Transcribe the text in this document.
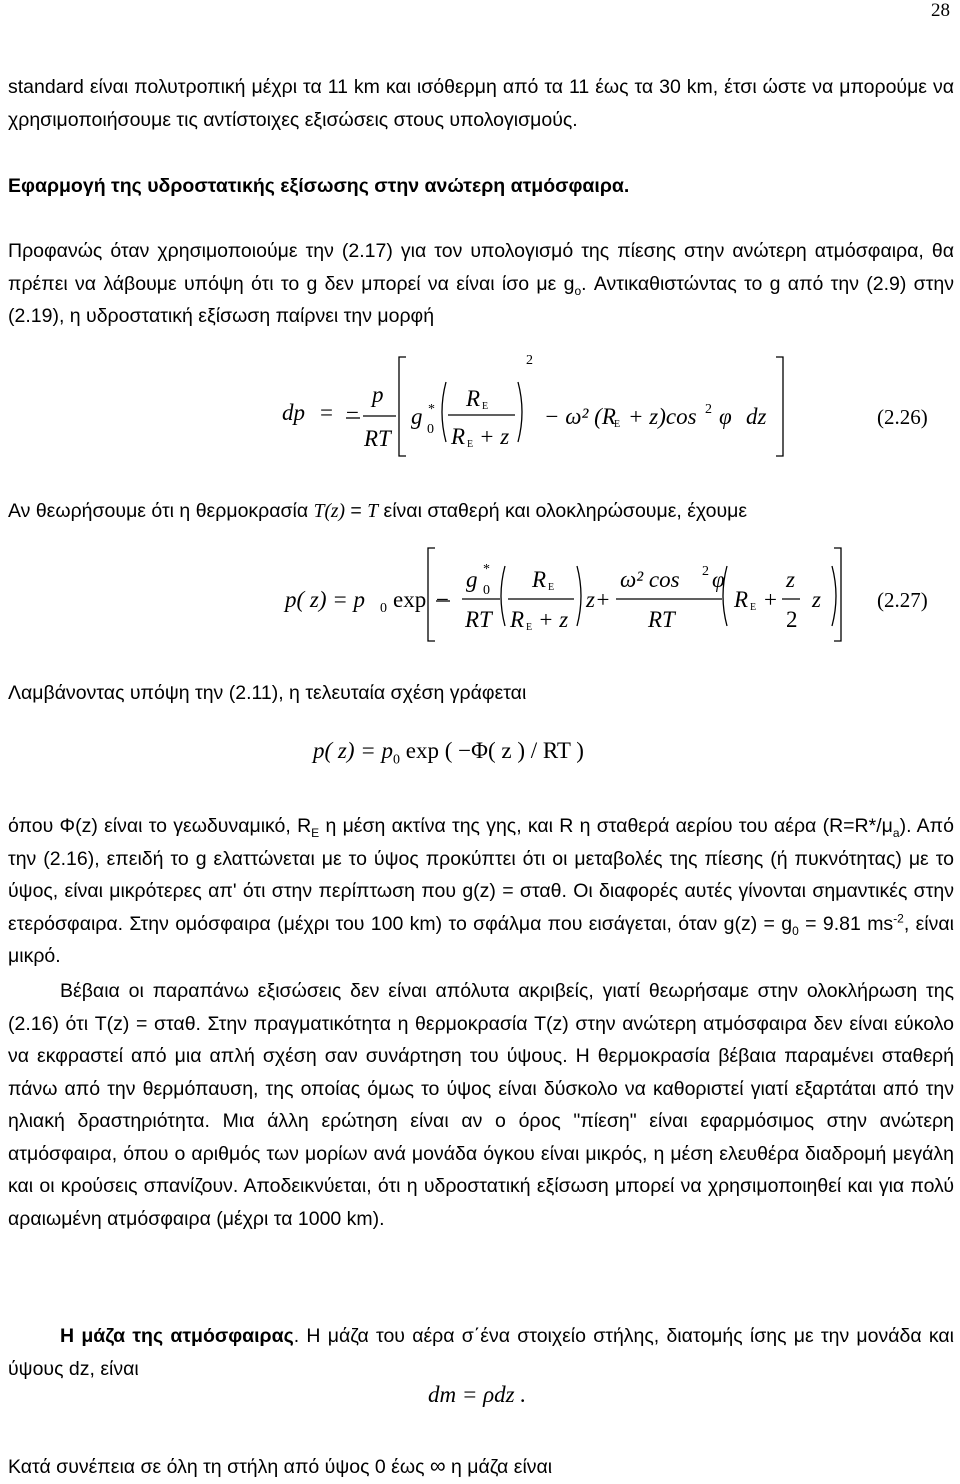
28

standard είναι πολυτροπική μέχρι τα 11 km και ισόθερμη από τα 11 έως τα 30 km, έτσι ώστε να μπορούμε να χρησιμοποιήσουμε τις αντίστοιχες εξισώσεις στους υπολογισμούς.

Εφαρμογή της υδροστατικής εξίσωσης στην ανώτερη ατμόσφαιρα.

Προφανώς όταν χρησιμοποιούμε την (2.17) για τον υπολογισμό της πίεσης στην ανώτερη ατμόσφαιρα, θα πρέπει να λάβουμε υπόψη ότι το g δεν μπορεί να είναι ίσο με $g_o$. Αντικαθιστώντας το g από την (2.9) στην (2.19), η υδροστατική εξίσωση παίρνει την μορφή

dp = −
p
RT
g
0
* R E
R E + z
2
− ω² (R
E + z)cos 2 φ dz	(2.26)

Αν θεωρήσουμε ότι η θερμοκρασία T(z) = T είναι σταθερή και ολοκληρώσουμε, έχουμε

p( z) = p 0 exp −
g 0
*
RT
R E
R E + z
z+
ω² cos 2 φ
RT
R E +
z
2
z	(2.27)

Λαμβάνοντας υπόψη την (2.11), η τελευταία σχέση γράφεται

p( $z) = p_0$ exp ( −Φ( z ) / RT )

όπου Φ(z) είναι το γεωδυναμικό, $R_E$ η μέση ακτίνα της γης, και R η σταθερά αερίου του αέρα $(R=R*/\mu_a)$. Από την (2.16), επειδή το g ελαττώνεται με το ύψος προκύπτει ότι οι μεταβολές της πίεσης (ή πυκνότητας) με το ύψος, είναι μικρότερες απ' ότι στην περίπτωση που g(z) = σταθ. Οι διαφορές αυτές γίνονται σημαντικές στην ετερόσφαιρα. Στην ομόσφαιρα (μέχρι του 100 km) το σφάλμα που εισάγεται, όταν $g(z) = g_0 = 9.81$ $ms^{-2}$, είναι μικρό.

Βέβαια οι παραπάνω εξισώσεις δεν είναι απόλυτα ακριβείς, γιατί θεωρήσαμε στην ολοκλήρωση της (2.16) ότι T(z) = σταθ. Στην πραγματικότητα η θερμοκρασία T(z) στην ανώτερη ατμόσφαιρα δεν είναι εύκολο να εκφραστεί από μια απλή σχέση σαν συνάρτηση του ύψους. Η θερμοκρασία βέβαια παραμένει σταθερή πάνω από την θερμόπαυση, της οποίας όμως το ύψος είναι δύσκολο να καθοριστεί γιατί εξαρτάται από την ηλιακή δραστηριότητα. Μια άλλη ερώτηση είναι αν ο όρος "πίεση" είναι εφαρμόσιμος στην ανώτερη ατμόσφαιρα, όπου ο αριθμός των μορίων ανά μονάδα όγκου είναι μικρός, η μέση ελευθέρα διαδρομή μεγάλη και οι κρούσεις σπανίζουν. Αποδεικνύεται, ότι η υδροστατική εξίσωση μπορεί να χρησιμοποιηθεί και για πολύ αραιωμένη ατμόσφαιρα (μέχρι τα 1000 km).

Η μάζα της ατμόσφαιρας. Η μάζα του αέρα σ΄ένα στοιχείο στήλης, διατομής ίσης με την μονάδα και ύψους dz, είναι

dm = ρdz .

Κατά συνέπεια σε όλη τη στήλη από ύψος 0 έως ∞ η μάζα είναι
